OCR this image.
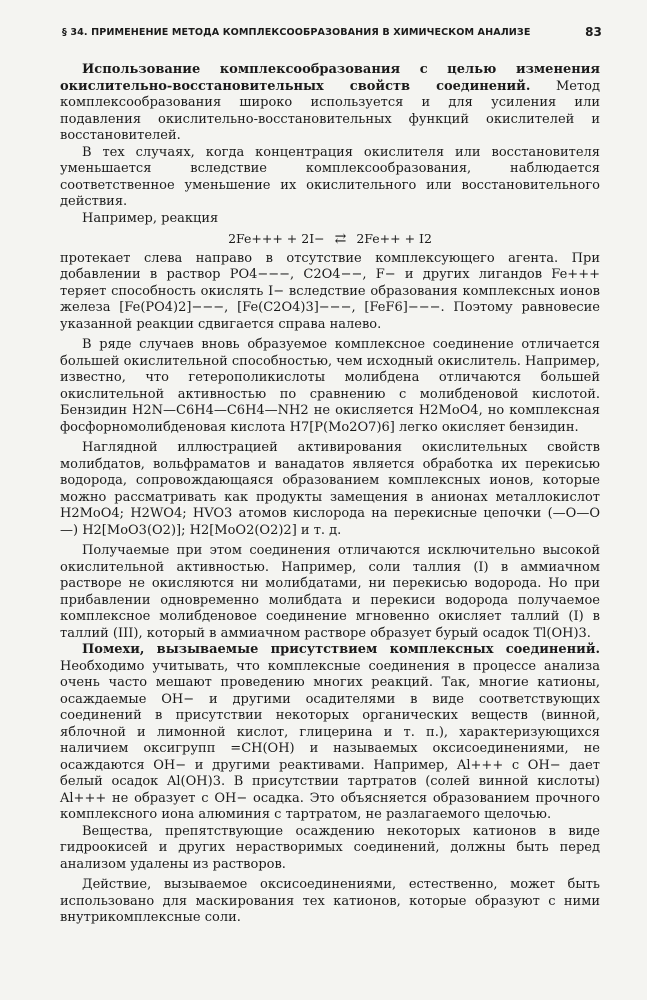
§ 34. ПРИМЕНЕНИЕ МЕТОДА КОМПЛЕКСООБРАЗОВАНИЯ В ХИМИЧЕСКОМ АНАЛИЗЕ	83

Использование комплексообразования с целью изменения окислительно-восстановительных свойств соединений. Метод комплексообразования широко используется и для усиления или подавления окислительно-восстановительных функций окислителей и восстановителей.

В тех случаях, когда концентрация окислителя или восстановителя уменьшается вследствие комплексообразования, наблюдается соответственное уменьшение их окислительного или восстановительного действия.

Например, реакция

2Fe+++ + 2I− ⇄ 2Fe++ + I2

протекает слева направо в отсутствие комплексующего агента. При добавлении в раствор PO4−−−, C2O4−−, F− и других лигандов Fe+++ теряет способность окислять I− вследствие образования комплексных ионов железа [Fe(PO4)2]−−−, [Fe(C2O4)3]−−−, [FeF6]−−−. Поэтому равновесие указанной реакции сдвигается справа налево.

В ряде случаев вновь образуемое комплексное соединение отличается большей окислительной способностью, чем исходный окислитель. Например, известно, что гетерополикислоты молибдена отличаются большей окислительной активностью по сравнению с молибденовой кислотой. Бензидин H2N—C6H4—C6H4—NH2 не окисляется H2MoO4, но комплексная фосфорномолибденовая кислота H7[P(Mo2O7)6] легко окисляет бензидин.

Наглядной иллюстрацией активирования окислительных свойств молибдатов, вольфраматов и ванадатов является обработка их перекисью водорода, сопровождающаяся образованием комплексных ионов, которые можно рассматривать как продукты замещения в анионах металлокислот H2MoO4; H2WO4; HVO3 атомов кислорода на перекисные цепочки (—O—O—) H2[MoO3(O2)]; H2[MoO2(O2)2] и т. д.

Получаемые при этом соединения отличаются исключительно высокой окислительной активностью. Например, соли таллия (I) в аммиачном растворе не окисляются ни молибдатами, ни перекисью водорода. Но при прибавлении одновременно молибдата и перекиси водорода получаемое комплексное молибденовое соединение мгновенно окисляет таллий (I) в таллий (III), который в аммиачном растворе образует бурый осадок Tl(OH)3.

Помехи, вызываемые присутствием комплексных соединений. Необходимо учитывать, что комплексные соединения в процессе анализа очень часто мешают проведению многих реакций. Так, многие катионы, осаждаемые OH− и другими осадителями в виде соответствующих соединений в присутствии некоторых органических веществ (винной, яблочной и лимонной кислот, глицерина и т. п.), характеризующихся наличием оксигрупп =CH(OH) и называемых оксисоединениями, не осаждаются OH− и другими реактивами. Например, Al+++ с OH− дает белый осадок Al(OH)3. В присутствии тартратов (солей винной кислоты) Al+++ не образует с OH− осадка. Это объясняется образованием прочного комплексного иона алюминия с тартратом, не разлагаемого щелочью.

Вещества, препятствующие осаждению некоторых катионов в виде гидроокисей и других нерастворимых соединений, должны быть перед анализом удалены из растворов.

Действие, вызываемое оксисоединениями, естественно, может быть использовано для маскирования тех катионов, которые образуют с ними внутрикомплексные соли.
